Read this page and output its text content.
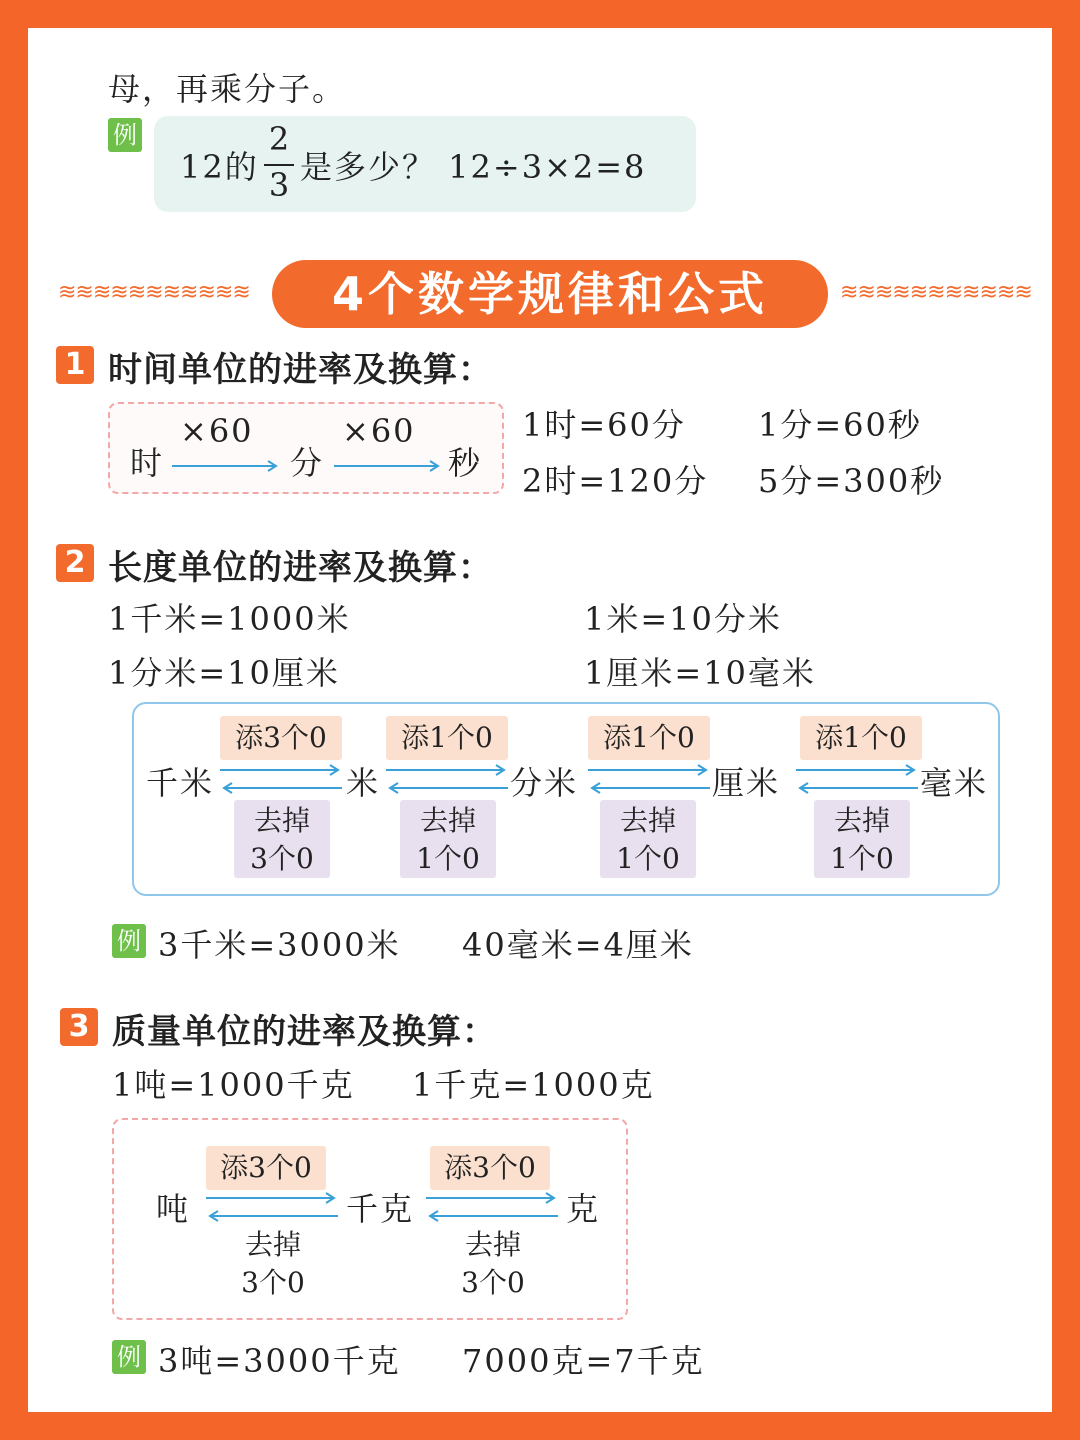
母，再乘分子。
例
12的
2
3 是多少？ 12÷3×2=8
≋≋≋≋≋≋≋≋≋≋≋	4个数学规律和公式	≋≋≋≋≋≋≋≋≋≋≋
1 时间单位的进率及换算：
时
×60
分
×60
秒
1时=60分 1分=60秒
2时=120分 5分=300秒
2 长度单位的进率及换算：
1千米=1000米	1米=10分米
1分米=10厘米	1厘米=10毫米
千米	米	分米	厘米	毫米
添3个0	添1个0	添1个0	添1个0
去掉
3个0
去掉
1个0
去掉
1个0
去掉
1个0
例 3千米=3000米 40毫米=4厘米
3 质量单位的进率及换算：
1吨=1000千克 1千克=1000克
吨	千克	克
添3个0	添3个0
去掉
3个0
去掉
3个0
例 3吨=3000千克 7000克=7千克
